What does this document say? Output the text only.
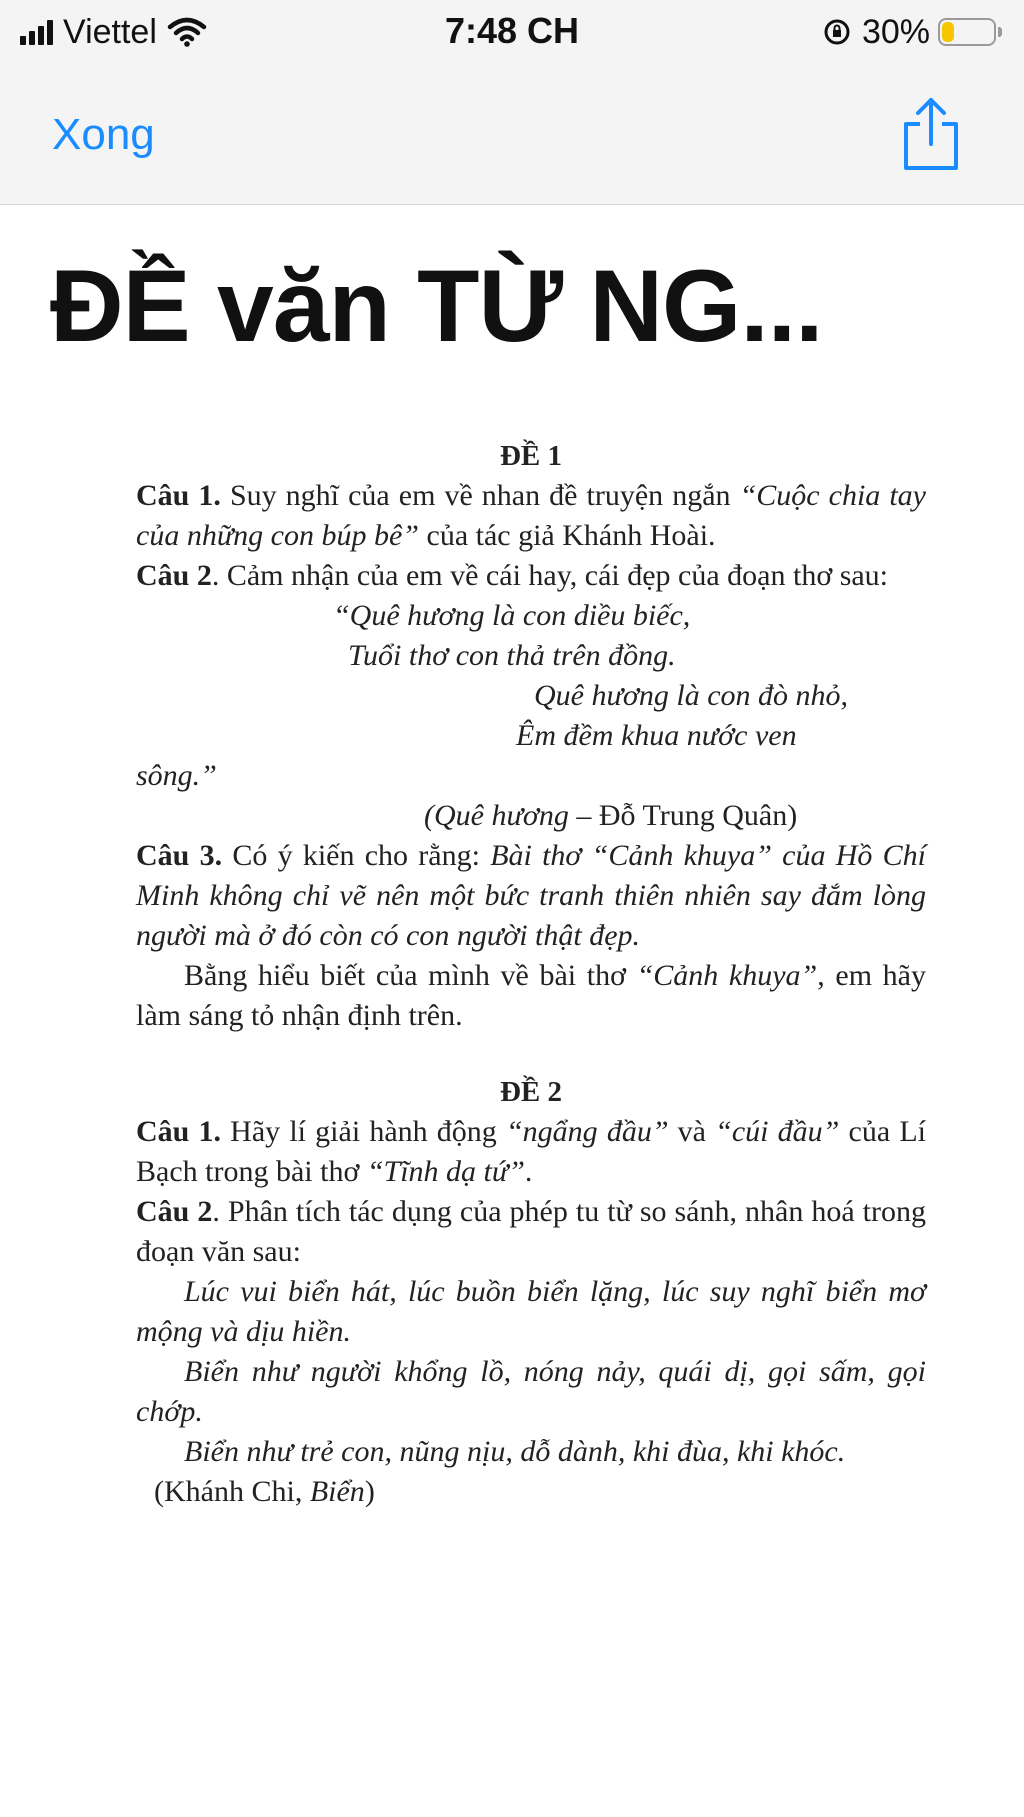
Viettel	7:48 CH	30%
Xong
ĐỀ văn TỪ NG...

ĐỀ 1

Câu 1. Suy nghĩ của em về nhan đề truyện ngắn “Cuộc chia tay của những con búp bê” của tác giả Khánh Hoài.

Câu 2. Cảm nhận của em về cái hay, cái đẹp của đoạn thơ sau:

“Quê hương là con diều biếc,

Tuổi thơ con thả trên đồng.

Quê hương là con đò nhỏ,

Êm đềm khua nước ven

sông.”

(Quê hương – Đỗ Trung Quân)

Câu 3. Có ý kiến cho rằng: Bài thơ “Cảnh khuya” của Hồ Chí Minh không chỉ vẽ nên một bức tranh thiên nhiên say đắm lòng người mà ở đó còn có con người thật đẹp.

Bằng hiểu biết của mình về bài thơ “Cảnh khuya”, em hãy làm sáng tỏ nhận định trên.

ĐỀ 2

Câu 1. Hãy lí giải hành động “ngẩng đầu” và “cúi đầu” của Lí Bạch trong bài thơ “Tĩnh dạ tứ”.

Câu 2. Phân tích tác dụng của phép tu từ so sánh, nhân hoá trong đoạn văn sau:

Lúc vui biển hát, lúc buồn biển lặng, lúc suy nghĩ biển mơ mộng và dịu hiền.

Biển như người khổng lồ, nóng nảy, quái dị, gọi sấm, gọi chớp.

Biển như trẻ con, nũng nịu, dỗ dành, khi đùa, khi khóc.

(Khánh Chi, Biển)
